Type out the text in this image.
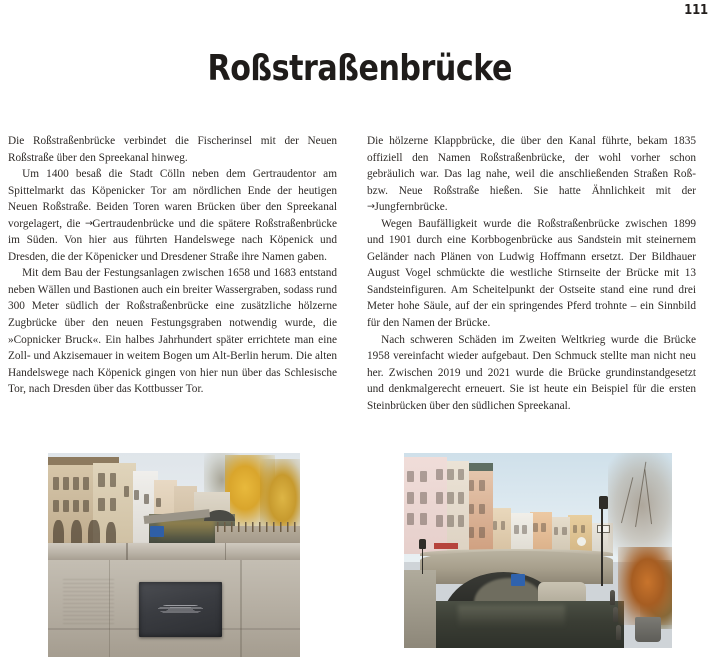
111
Roßstraßenbrücke

Die Roßstraßenbrücke verbindet die Fischerinsel mit der Neuen Roßstraße über den Spreekanal hinweg.

Um 1400 besaß die Stadt Cölln neben dem Gertraudentor am Spittelmarkt das Köpenicker Tor am nördlichen Ende der heutigen Neuen Roßstraße. Beiden Toren waren Brücken über den Spreekanal vorgelagert, die →Gertraudenbrücke und die spätere Roßstraßenbrücke im Süden. Von hier aus führten Handelswege nach Köpenick und Dresden, die der Köpenicker und Dresdener Straße ihre Namen gaben.

Mit dem Bau der Festungsanlagen zwischen 1658 und 1683 entstand neben Wällen und Bastionen auch ein breiter Wassergraben, sodass rund 300 Meter südlich der Roßstraßenbrücke eine zusätzliche hölzerne Zugbrücke über den neuen Festungsgraben notwendig wurde, die »Copnicker Bruck«. Ein halbes Jahrhundert später errichtete man eine Zoll- und Akzisemauer in weitem Bogen um Alt-Berlin herum. Die alten Handelswege nach Köpenick gingen von hier nun über das Schlesische Tor, nach Dresden über das Kottbusser Tor.

Die hölzerne Klappbrücke, die über den Kanal führte, bekam 1835 offiziell den Namen Roßstraßenbrücke, der wohl vorher schon gebräulich war. Das lag nahe, weil die anschließenden Straßen Roß- bzw. Neue Roßstraße hießen. Sie hatte Ähnlichkeit mit der →Jungfernbrücke.

Wegen Baufälligkeit wurde die Roßstraßenbrücke zwischen 1899 und 1901 durch eine Korbbogenbrücke aus Sandstein mit steinernem Geländer nach Plänen von Ludwig Hoffmann ersetzt. Der Bildhauer August Vogel schmückte die westliche Stirnseite der Brücke mit 13 Sandsteinfiguren. Am Scheitelpunkt der Ostseite stand eine rund drei Meter hohe Säule, auf der ein springendes Pferd trohnte – ein Sinnbild für den Namen der Brücke.

Nach schweren Schäden im Zweiten Weltkrieg wurde die Brücke 1958 vereinfacht wieder aufgebaut. Den Schmuck stellte man nicht neu her. Zwischen 2019 und 2021 wurde die Brücke grundinstandgesetzt und denkmalgerecht erneuert. Sie ist heute ein Beispiel für die ersten Steinbrücken über den südlichen Spreekanal.
